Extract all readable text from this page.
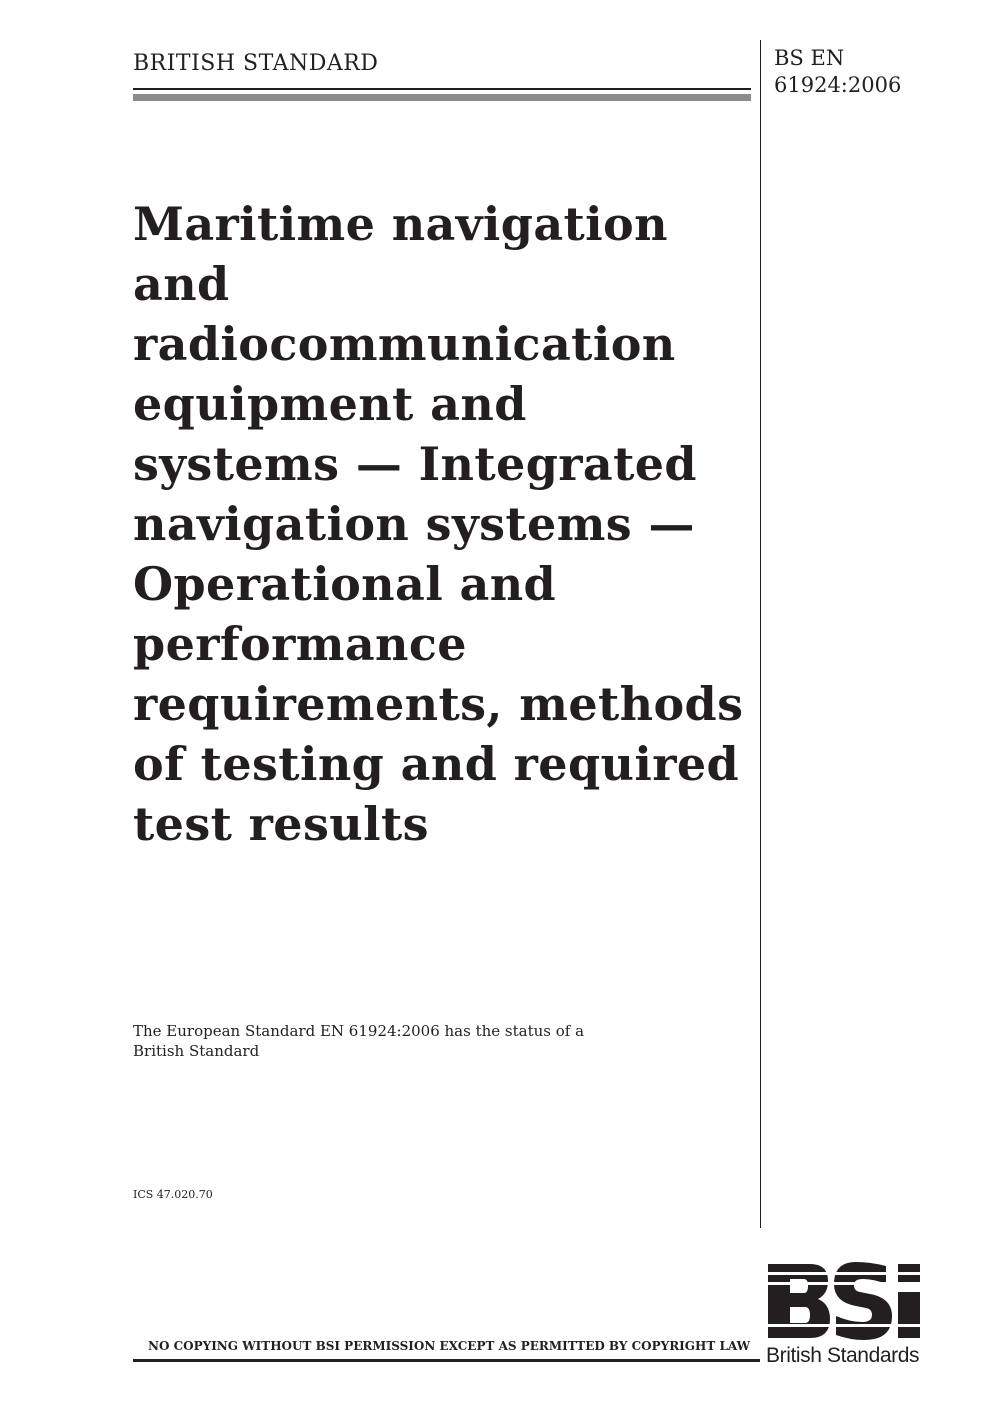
BRITISH STANDARD	BS EN 61924:2006
Maritime navigation and radiocommunication equipment and systems — Integrated navigation systems — Operational and performance requirements, methods of testing and required test results

The European Standard EN 61924:2006 has the status of a British Standard

ICS 47.020.70
NO COPYING WITHOUT BSI PERMISSION EXCEPT AS PERMITTED BY COPYRIGHT LAW British Standards
